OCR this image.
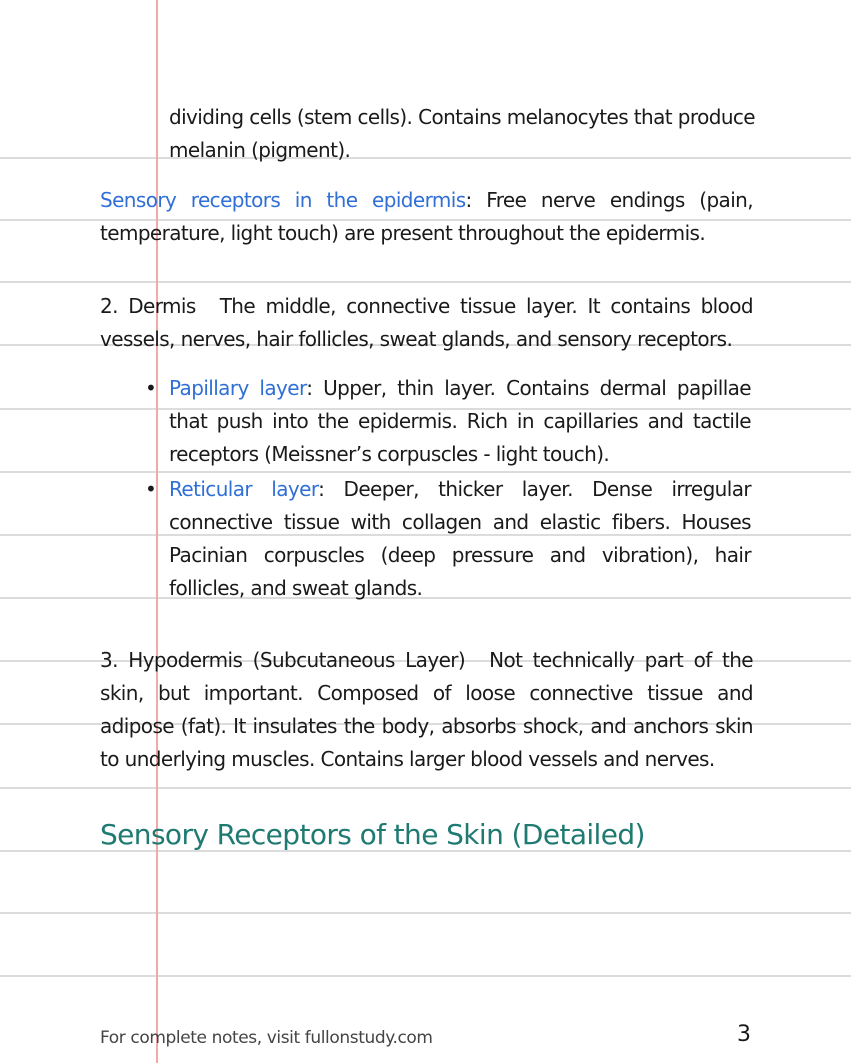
dividing cells (stem cells). Contains melanocytes that produce melanin (pigment).
Sensory receptors in the epidermis: Free nerve endings (pain, temperature, light touch) are present throughout the epidermis.
2. Dermis The middle, connective tissue layer. It contains blood vessels, nerves, hair follicles, sweat glands, and sensory receptors.
• Papillary layer: Upper, thin layer. Contains dermal papillae that push into the epidermis. Rich in capillaries and tactile receptors (Meissner’s corpuscles - light touch).
• Reticular layer: Deeper, thicker layer. Dense irregular connective tissue with collagen and elastic fibers. Houses Pacinian corpuscles (deep pressure and vibration), hair follicles, and sweat glands.
3. Hypodermis (Subcutaneous Layer) Not technically part of the skin, but important. Composed of loose connective tissue and adipose (fat). It insulates the body, absorbs shock, and anchors skin to underlying muscles. Contains larger blood vessels and nerves.
Sensory Receptors of the Skin (Detailed)
For complete notes, visit fullonstudy.com	3
